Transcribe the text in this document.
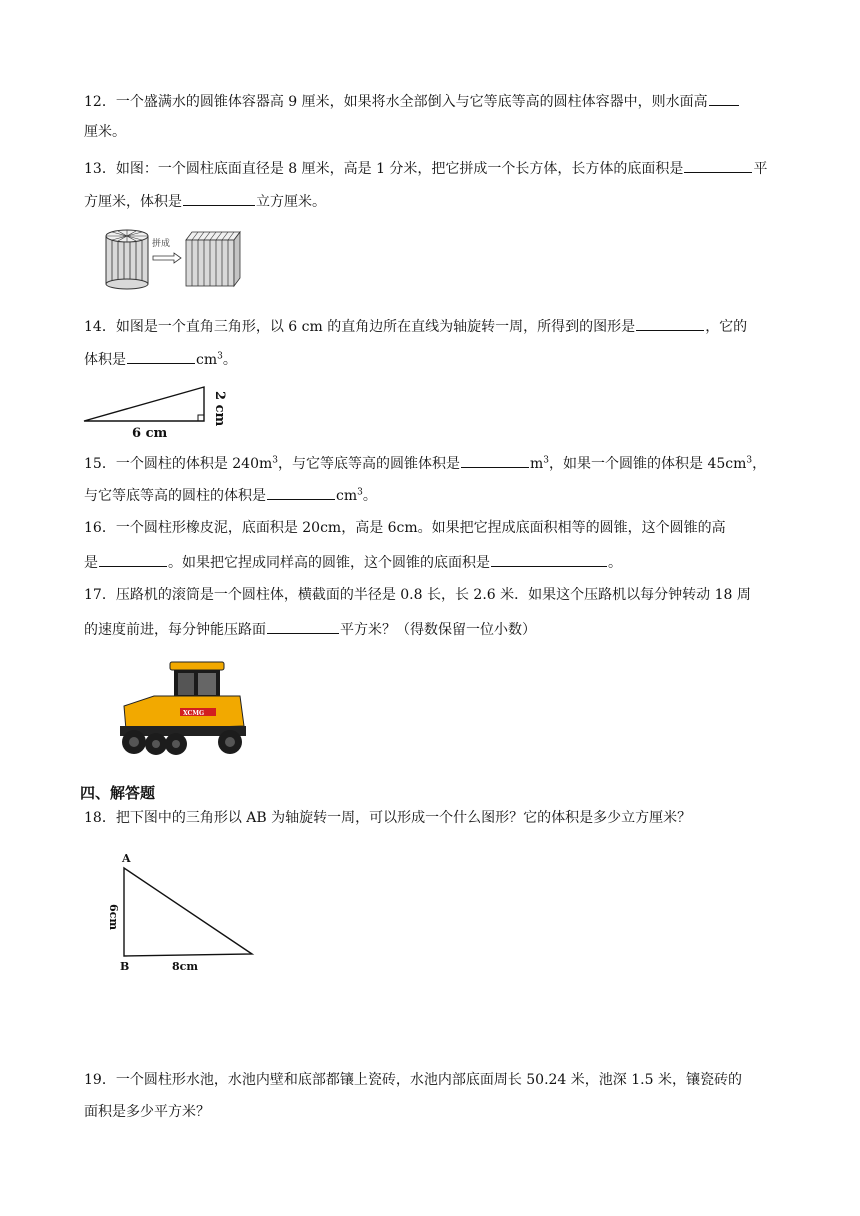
12．一个盛满水的圆锥体容器高 9 厘米，如果将水全部倒入与它等底等高的圆柱体容器中，则水面高
厘米。
13．如图：一个圆柱底面直径是 8 厘米，高是 1 分米，把它拼成一个长方体，长方体的底面积是	平
方厘米，体积是	立方厘米。
拼成
14．如图是一个直角三角形，以 6 cm 的直角边所在直线为轴旋转一周，所得到的图形是	，它的
体积是	$cm^3$。
6 cm
2 cm
15．一个圆柱的体积是 $240m^3$，与它等底等高的圆锥体积是	$m^3$，如果一个圆锥的体积是 $45cm^3$，
与它等底等高的圆柱的体积是	$cm^3$。
16．一个圆柱形橡皮泥，底面积是 20cm，高是 6cm。如果把它捏成底面积相等的圆锥，这个圆锥的高
是	。如果把它捏成同样高的圆锥，这个圆锥的底面积是	。
17．压路机的滚筒是一个圆柱体，横截面的半径是 0.8 长，长 2.6 米．如果这个压路机以每分钟转动 18 周
的速度前进，每分钟能压路面	平方米？（得数保留一位小数）
XCMG
四、解答题
18．把下图中的三角形以 AB 为轴旋转一周，可以形成一个什么图形？它的体积是多少立方厘米？
A
B
6cm
8cm
19．一个圆柱形水池，水池内壁和底部都镶上瓷砖，水池内部底面周长 50.24 米，池深 1.5 米，镶瓷砖的
面积是多少平方米？
